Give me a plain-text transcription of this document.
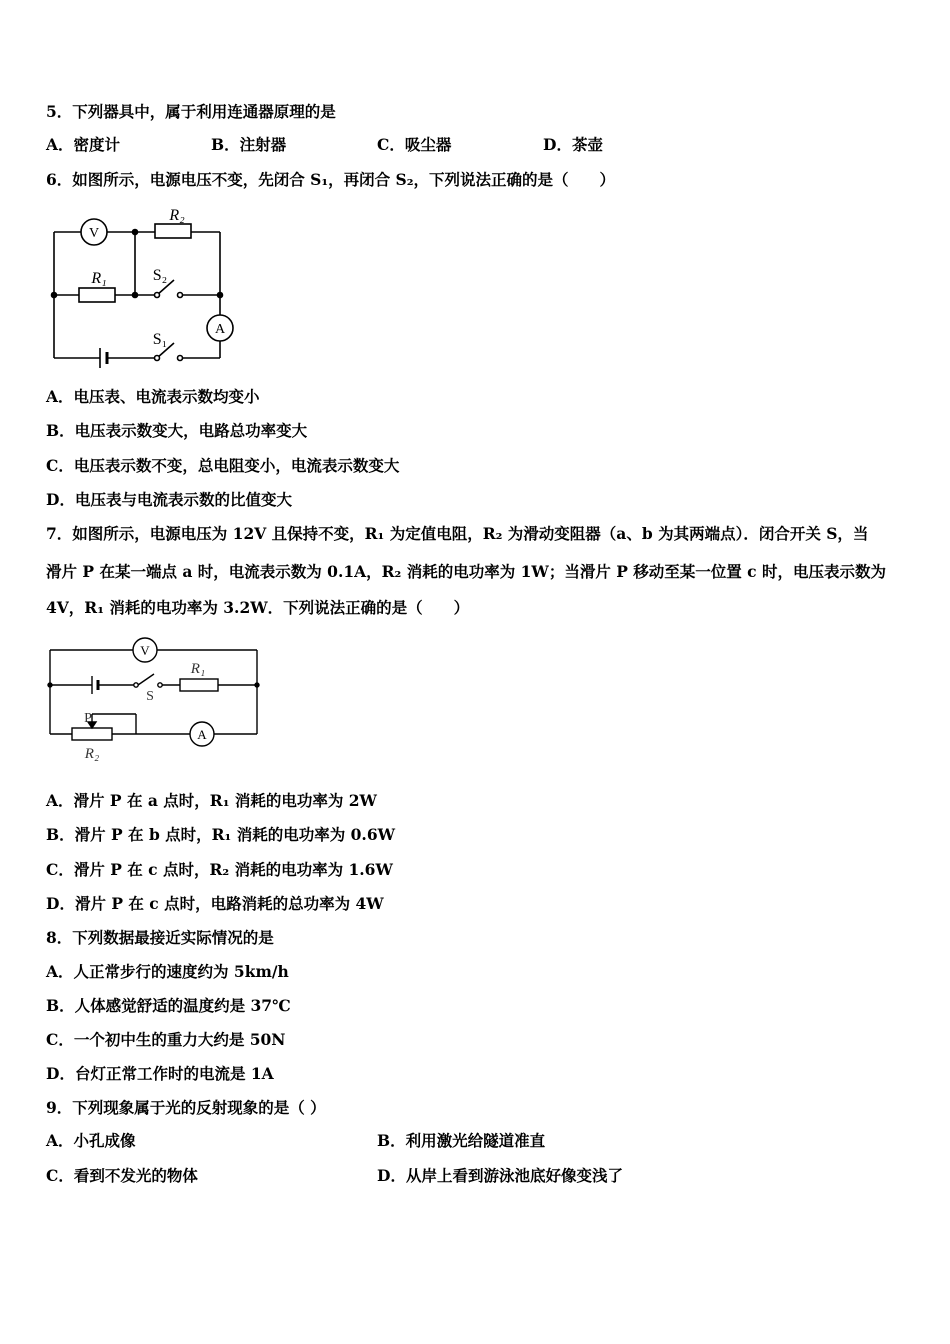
5．下列器具中，属于利用连通器原理的是
A．密度计	B．注射器	C．吸尘器	D．茶壶
6．如图所示，电源电压不变，先闭合 S₁，再闭合 S₂，下列说法正确的是（　　）
V
A
R₂
R₁	S₂
S₁
A．电压表、电流表示数均变小
B．电压表示数变大，电路总功率变大
C．电压表示数不变，总电阻变小，电流表示数变大
D．电压表与电流表示数的比值变大
7．如图所示，电源电压为 12V 且保持不变，R₁ 为定值电阻，R₂ 为滑动变阻器（a、b 为其两端点）．闭合开关 S，当
滑片 P 在某一端点 a 时，电流表示数为 0.1A，R₂ 消耗的电功率为 1W；当滑片 P 移动至某一位置 c 时，电压表示数为
4V，R₁ 消耗的电功率为 3.2W．下列说法正确的是（　　）
V
A
R₁
S
P
R₂
A．滑片 P 在 a 点时，R₁ 消耗的电功率为 2W
B．滑片 P 在 b 点时，R₁ 消耗的电功率为 0.6W
C．滑片 P 在 c 点时，R₂ 消耗的电功率为 1.6W
D．滑片 P 在 c 点时，电路消耗的总功率为 4W
8．下列数据最接近实际情况的是
A．人正常步行的速度约为 5km/h
B．人体感觉舒适的温度约是 37℃
C．一个初中生的重力大约是 50N
D．台灯正常工作时的电流是 1A
9．下列现象属于光的反射现象的是（ ）
A．小孔成像	B．利用激光给隧道准直
C．看到不发光的物体	D．从岸上看到游泳池底好像变浅了
